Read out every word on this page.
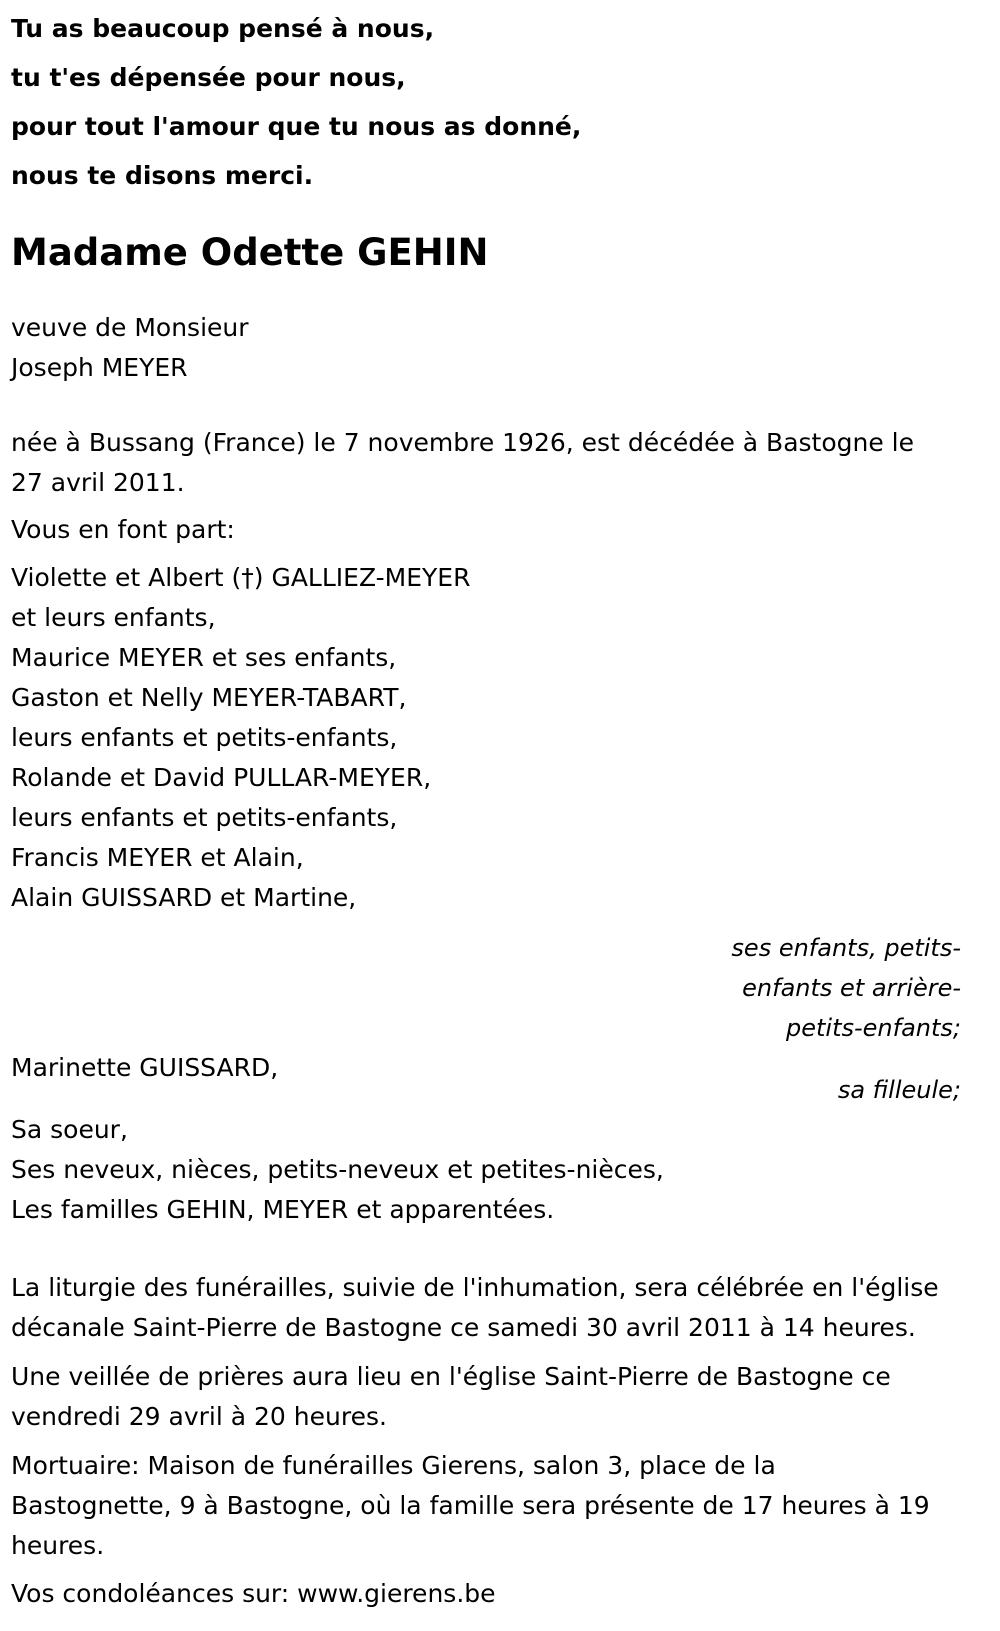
Tu as beaucoup pensé à nous,
tu t'es dépensée pour nous,
pour tout l'amour que tu nous as donné,
nous te disons merci.
Madame Odette GEHIN
veuve de Monsieur
Joseph MEYER
née à Bussang (France) le 7 novembre 1926, est décédée à Bastogne le
27 avril 2011.
Vous en font part:
Violette et Albert (†) GALLIEZ-MEYER
et leurs enfants,
Maurice MEYER et ses enfants,
Gaston et Nelly MEYER-TABART,
leurs enfants et petits-enfants,
Rolande et David PULLAR-MEYER,
leurs enfants et petits-enfants,
Francis MEYER et Alain,
Alain GUISSARD et Martine,
ses enfants, petits-
enfants et arrière-
petits-enfants;
Marinette GUISSARD,
sa filleule;
Sa soeur,
Ses neveux, nièces, petits-neveux et petites-nièces,
Les familles GEHIN, MEYER et apparentées.
La liturgie des funérailles, suivie de l'inhumation, sera célébrée en l'église
décanale Saint-Pierre de Bastogne ce samedi 30 avril 2011 à 14 heures.
Une veillée de prières aura lieu en l'église Saint-Pierre de Bastogne ce
vendredi 29 avril à 20 heures.
Mortuaire: Maison de funérailles Gierens, salon 3, place de la
Bastognette, 9 à Bastogne, où la famille sera présente de 17 heures à 19
heures.
Vos condoléances sur: www.gierens.be
